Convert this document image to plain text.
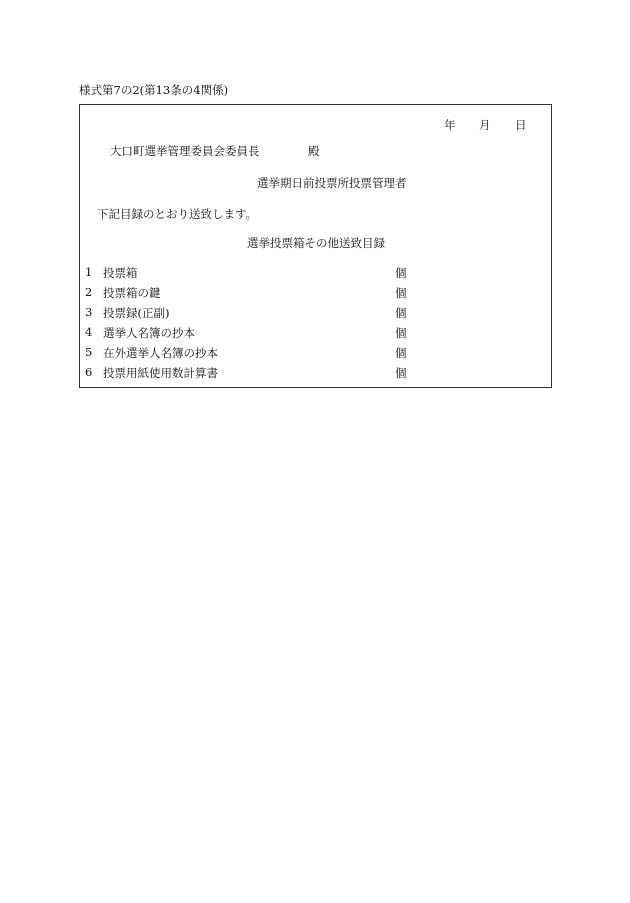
様式第7の2(第13条の4関係)
年 月 日
大口町選挙管理委員会委員長	殿
選挙期日前投票所投票管理者
下記目録のとおり送致します。
選挙投票箱その他送致目録
1 投票箱	個
2 投票箱の鍵	個
3 投票録(正副)	個
4 選挙人名簿の抄本	個
5 在外選挙人名簿の抄本	個
6 投票用紙使用数計算書	個
